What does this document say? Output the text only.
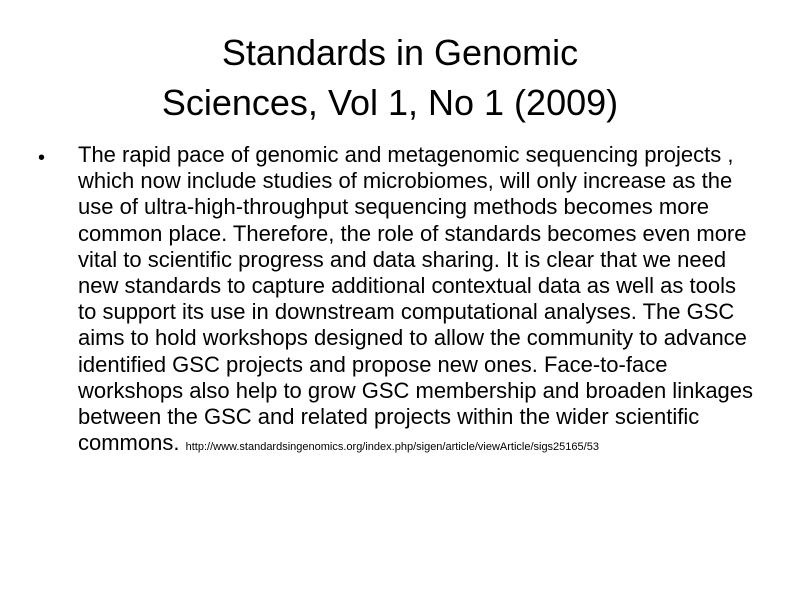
Standards in Genomic
Sciences, Vol 1, No 1 (2009)
• The rapid pace of genomic and metagenomic sequencing projects , which now include studies of microbiomes, will only increase as the use of ultra-high-throughput sequencing methods becomes more common place. Therefore, the role of standards becomes even more vital to scientific progress and data sharing. It is clear that we need new standards to capture additional contextual data as well as tools to support its use in downstream computational analyses. The GSC aims to hold workshops designed to allow the community to advance identified GSC projects and propose new ones. Face-to-face workshops also help to grow GSC membership and broaden linkages between the GSC and related projects within the wider scientific commons. http://www.standardsingenomics.org/index.php/sigen/article/viewArticle/sigs25165/53
